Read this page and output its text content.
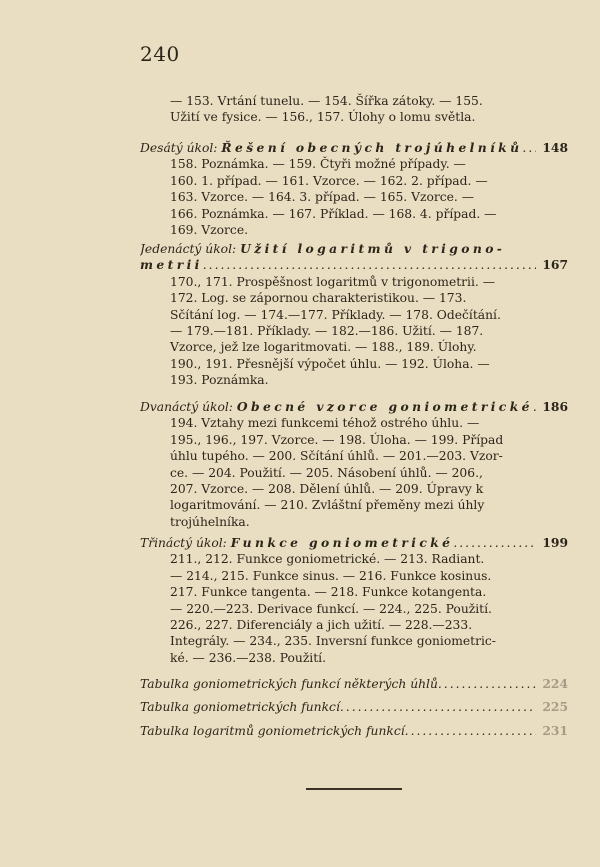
240
— 153. Vrtání tunelu. — 154. Šířka zátoky. — 155.
Užití ve fysice. — 156., 157. Úlohy o lomu světla.
Desátý úkol:
Řešení obecných trojúhelníků .....	148
158. Poznámka. — 159. Čtyři možné případy. —
160. 1. případ. — 161. Vzorce. — 162. 2. případ. —
163. Vzorce. — 164. 3. případ. — 165. Vzorce. —
166. Poznámka. — 167. Příklad. — 168. 4. případ. —
169. Vzorce.
Jedenáctý úkol:
Užití logaritmů v trigono-
metrii .....	167
170., 171. Prospěšnost logaritmů v trigonometrii. —
172. Log. se zápornou charakteristikou. — 173.
Sčítání log. — 174.—177. Příklady. — 178. Odečítání.
— 179.—181. Příklady. — 182.—186. Užití. — 187.
Vzorce, jež lze logaritmovati. — 188., 189. Úlohy.
190., 191. Přesnější výpočet úhlu. — 192. Úloha. —
193. Poznámka.
Dvanáctý úkol:
Obecné vzorce goniometrické ..... 186
194. Vztahy mezi funkcemi téhož ostrého úhlu. —
195., 196., 197. Vzorce. — 198. Úloha. — 199. Případ
úhlu tupého. — 200. Sčítání úhlů. — 201.—203. Vzor-
ce. — 204. Použití. — 205. Násobení úhlů. — 206.,
207. Vzorce. — 208. Dělení úhlů. — 209. Úpravy k
logaritmování. — 210. Zvláštní přeměny mezi úhly
trojúhelníka.
Třináctý úkol:
Funkce goniometrické .....	199
211., 212. Funkce goniometrické. — 213. Radiant.
— 214., 215. Funkce sinus. — 216. Funkce kosinus.
217. Funkce tangenta. — 218. Funkce kotangenta.
— 220.—223. Derivace funkcí. — 224., 225. Použití.
226., 227. Diferenciály a jich užití. — 228.—233.
Integrály. — 234., 235. Inversní funkce goniometric-
ké. — 236.—238. Použití.
Tabulka goniometrických funkcí některých úhlů .....	224
Tabulka goniometrických funkcí .....	225
Tabulka logaritmů goniometrických funkcí .....	231
